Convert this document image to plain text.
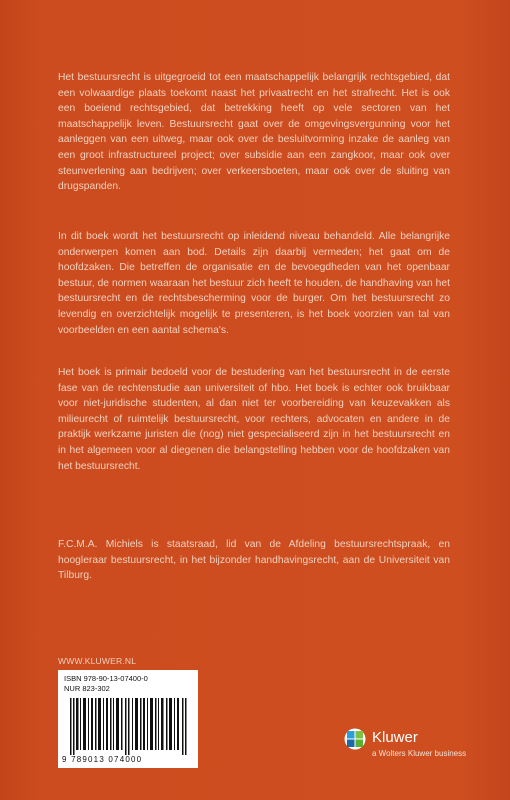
Het bestuursrecht is uitgegroeid tot een maatschappelijk belangrijk rechtsgebied, dat een volwaardige plaats toekomt naast het privaatrecht en het strafrecht. Het is ook een boeiend rechtsgebied, dat betrekking heeft op vele sectoren van het maatschappelijk leven. Bestuursrecht gaat over de omgevingsvergunning voor het aanleggen van een uitweg, maar ook over de besluitvorming inzake de aanleg van een groot infrastructureel project; over subsidie aan een zangkoor, maar ook over steunverlening aan bedrijven; over verkeersboeten, maar ook over de sluiting van drugspanden.

In dit boek wordt het bestuursrecht op inleidend niveau behandeld. Alle belangrijke onderwerpen komen aan bod. Details zijn daarbij vermeden; het gaat om de hoofdzaken. Die betreffen de organisatie en de bevoegdheden van het openbaar bestuur, de normen waaraan het bestuur zich heeft te houden, de handhaving van het bestuursrecht en de rechtsbescherming voor de burger. Om het bestuursrecht zo levendig en overzichtelijk mogelijk te presenteren, is het boek voorzien van tal van voorbeelden en een aantal schema's.

Het boek is primair bedoeld voor de bestudering van het bestuursrecht in de eerste fase van de rechtenstudie aan universiteit of hbo. Het boek is echter ook bruikbaar voor niet-juridische studenten, al dan niet ter voorbereiding van keuzevakken als milieurecht of ruimtelijk bestuursrecht, voor rechters, advocaten en andere in de praktijk werkzame juristen die (nog) niet gespecialiseerd zijn in het bestuursrecht en in het algemeen voor al diegenen die belangstelling hebben voor de hoofdzaken van het bestuursrecht.

F.C.M.A. Michiels is staatsraad, lid van de Afdeling bestuursrechtspraak, en hoogleraar bestuursrecht, in het bijzonder handhavingsrecht, aan de Universiteit van Tilburg.

WWW.KLUWER.NL
ISBN 978-90-13-07400-0
NUR 823-302
9 789013 074000
Kluwer
a Wolters Kluwer business
